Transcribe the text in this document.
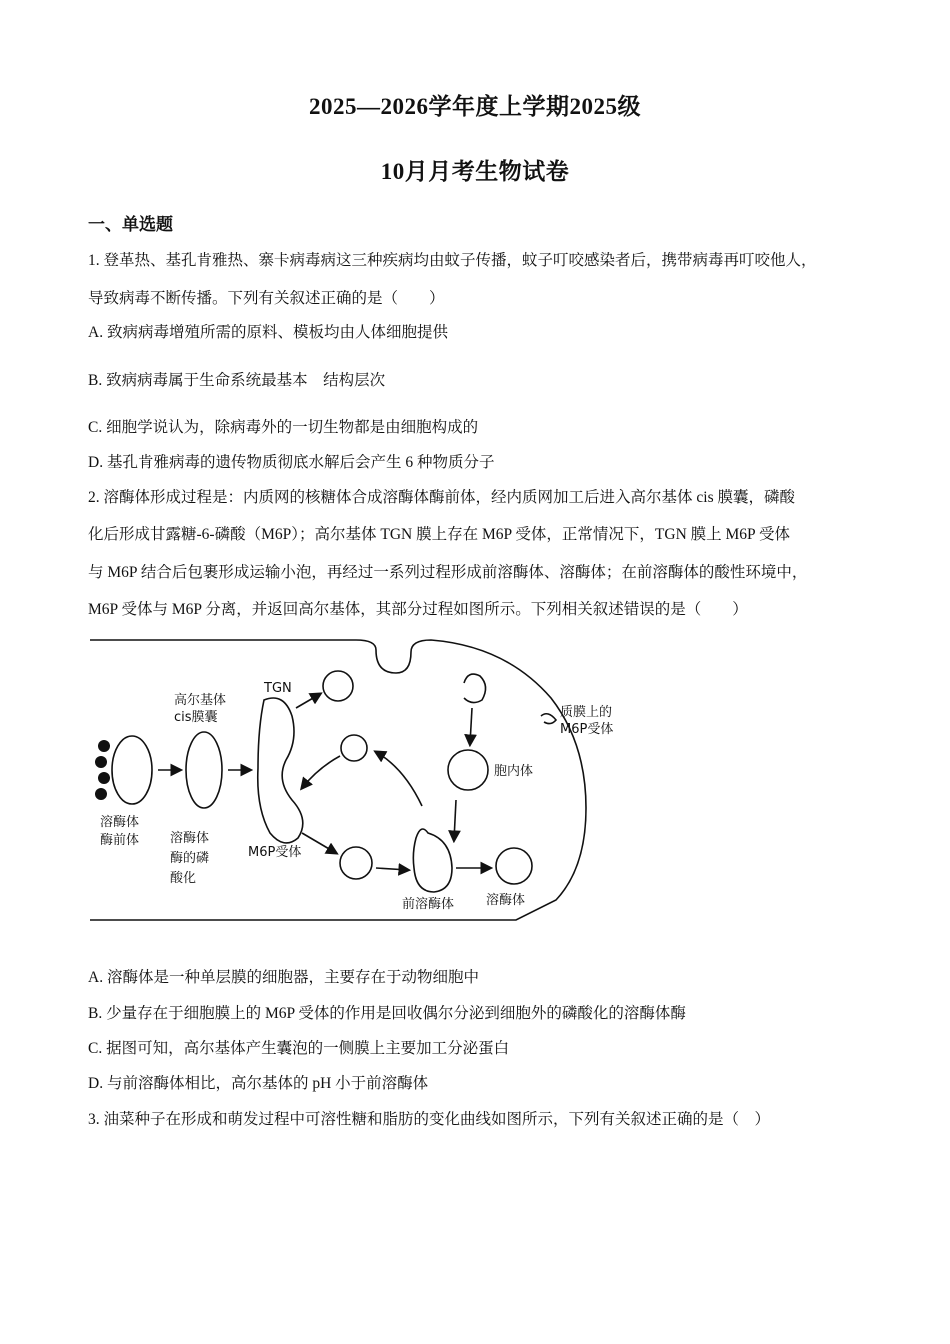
2025—2026学年度上学期2025级
10月月考生物试卷
一、单选题
1. 登革热、基孔肯雅热、寨卡病毒病这三种疾病均由蚊子传播，蚊子叮咬感染者后，携带病毒再叮咬他人，
导致病毒不断传播。下列有关叙述正确的是（　　）
A. 致病病毒增殖所需的原料、模板均由人体细胞提供
B. 致病病毒属于生命系统最基本　结构层次
C. 细胞学说认为，除病毒外的一切生物都是由细胞构成的
D. 基孔肯雅病毒的遗传物质彻底水解后会产生 6 种物质分子
2. 溶酶体形成过程是：内质网的核糖体合成溶酶体酶前体，经内质网加工后进入高尔基体 cis 膜囊，磷酸
化后形成甘露糖-6-磷酸（M6P）；高尔基体 TGN 膜上存在 M6P 受体，正常情况下，TGN 膜上 M6P 受体
与 M6P 结合后包裹形成运输小泡，再经过一系列过程形成前溶酶体、溶酶体；在前溶酶体的酸性环境中，
M6P 受体与 M6P 分离，并返回高尔基体，其部分过程如图所示。下列相关叙述错误的是（　　）
高尔基体
cis膜囊
TGN
质膜上的
M6P受体
胞内体
溶酶体
酶前体 溶酶体
酶的磷
酸化
M6P受体
前溶酶体 溶酶体
A. 溶酶体是一种单层膜的细胞器，主要存在于动物细胞中
B. 少量存在于细胞膜上的 M6P 受体的作用是回收偶尔分泌到细胞外的磷酸化的溶酶体酶
C. 据图可知，高尔基体产生囊泡的一侧膜上主要加工分泌蛋白
D. 与前溶酶体相比，高尔基体的 pH 小于前溶酶体
3. 油菜种子在形成和萌发过程中可溶性糖和脂肪的变化曲线如图所示，下列有关叙述正确的是（　）
